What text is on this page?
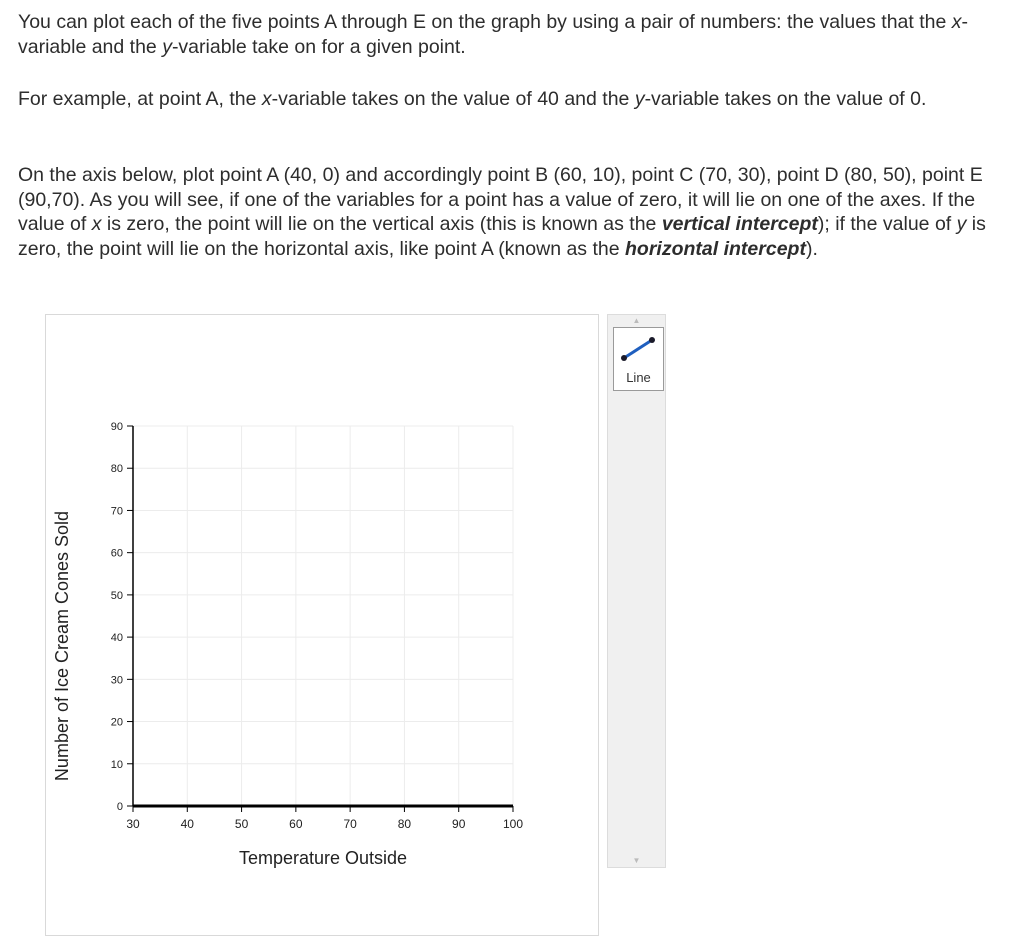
You can plot each of the five points A through E on the graph by using a pair of numbers: the values that the x-variable and the y-variable take on for a given point.

For example, at point A, the x-variable takes on the value of 40 and the y-variable takes on the value of 0.

On the axis below, plot point A (40, 0) and accordingly point B (60, 10), point C (70, 30), point D (80, 50), point E (90,70). As you will see, if one of the variables for a point has a value of zero, it will lie on one of the axes. If the value of x is zero, the point will lie on the vertical axis (this is known as the vertical intercept); if the value of y is zero, the point will lie on the horizontal axis, like point A (known as the horizontal intercept).

0
10
20
30
40
50
60
70
80
90
30	40	50	60	70	80	90	100
Temperature Outside
Number of Ice Cream Cones Sold
▲
Line
▼
